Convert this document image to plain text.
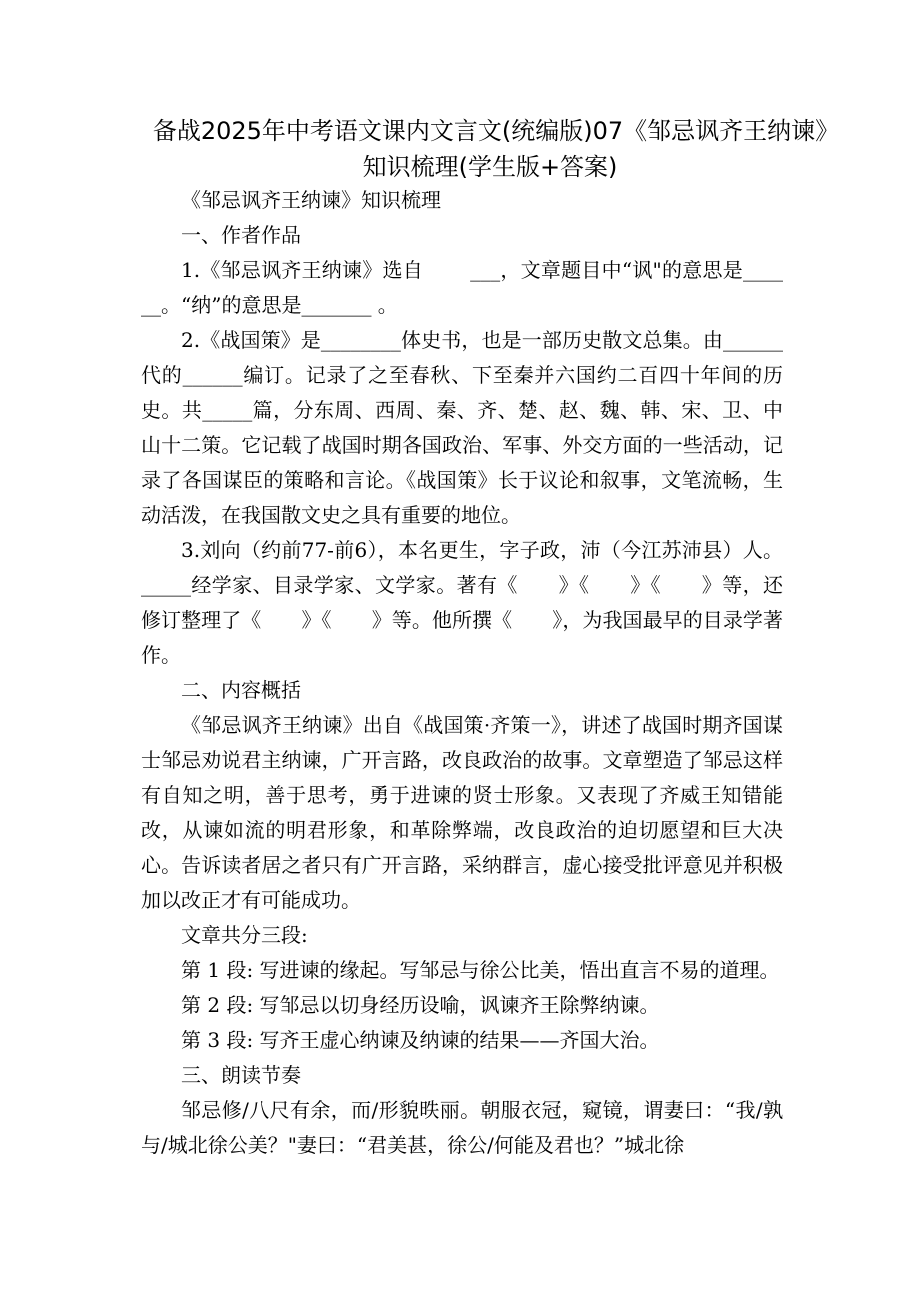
备战2025年中考语文课内文言文(统编版)07《邹忌讽齐王纳谏》知识梳理(学生版+答案)

《邹忌讽齐王纳谏》知识梳理

一、作者作品

1.《邹忌讽齐王纳谏》选自　　 ___，文章题目中“讽"的意思是______。“纳”的意思是_______ 。

2.《战国策》是________体史书，也是一部历史散文总集。由______代的______编订。记录了之至春秋、下至秦并六国约二百四十年间的历史。共_____篇，分东周、西周、秦、齐、楚、赵、魏、韩、宋、卫、中山十二策。它记载了战国时期各国政治、军事、外交方面的一些活动，记录了各国谋臣的策略和言论。《战国策》长于议论和叙事，文笔流畅，生动活泼，在我国散文史之具有重要的地位。

3.刘向（约前77-前6），本名更生，字子政，沛（今江苏沛县）人。_____经学家、目录学家、文学家。著有《　　》《　　》《　　》等，还修订整理了《　　》《　　》等。他所撰《　　》，为我国最早的目录学著作。

二、内容概括

《邹忌讽齐王纳谏》出自《战国策·齐策一》，讲述了战国时期齐国谋士邹忌劝说君主纳谏，广开言路，改良政治的故事。文章塑造了邹忌这样有自知之明，善于思考，勇于进谏的贤士形象。又表现了齐威王知错能改，从谏如流的明君形象，和革除弊端，改良政治的迫切愿望和巨大决心。告诉读者居之者只有广开言路，采纳群言，虚心接受批评意见并积极加以改正才有可能成功。

文章共分三段:

第 1 段: 写进谏的缘起。写邹忌与徐公比美，悟出直言不易的道理。

第 2 段: 写邹忌以切身经历设喻，讽谏齐王除弊纳谏。

第 3 段: 写齐王虚心纳谏及纳谏的结果——齐国大治。

三、朗读节奏

邹忌修/八尺有余，而/形貌昳丽。朝服衣冠，窥镜，谓妻曰：“我/孰与/城北徐公美？"妻曰：“君美甚，徐公/何能及君也？”城北徐
